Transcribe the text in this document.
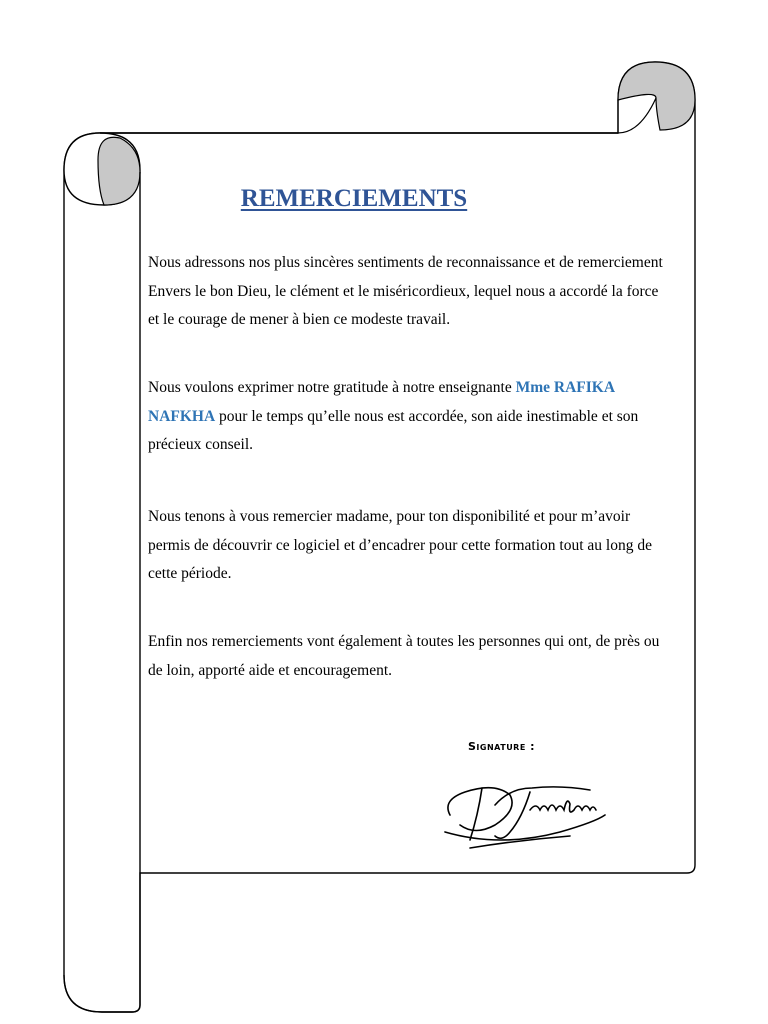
REMERCIEMENTS

Nous adressons nos plus sincères sentiments de reconnaissance et de remerciement Envers le bon Dieu, le clément et le miséricordieux, lequel nous a accordé la force et le courage de mener à bien ce modeste travail.

Nous voulons exprimer notre gratitude à notre enseignante Mme RAFIKA NAFKHA pour le temps qu’elle nous est accordée, son aide inestimable et son précieux conseil.

Nous tenons à vous remercier madame, pour ton disponibilité et pour m’avoir permis de découvrir ce logiciel et d’encadrer pour cette formation tout au long de cette période.

Enfin nos remerciements vont également à toutes les personnes qui ont, de près ou de loin, apporté aide et encouragement.

Signature :
